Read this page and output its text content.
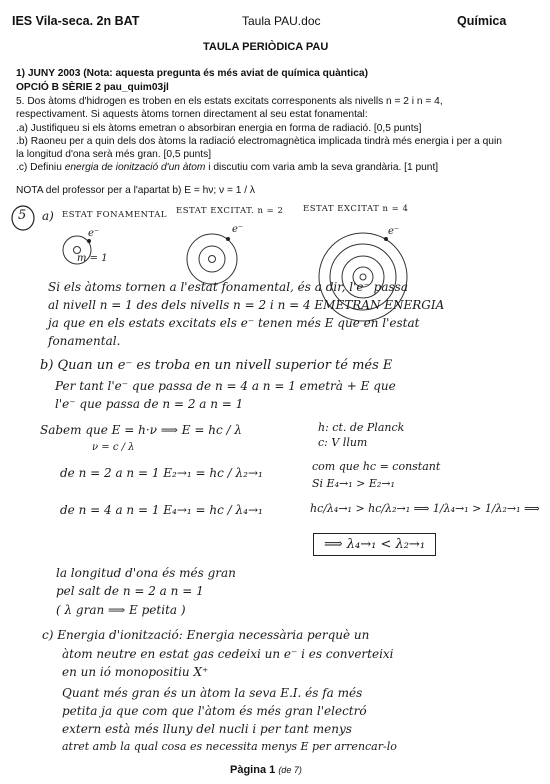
IES Vila-seca. 2n BAT	Taula PAU.doc	Química
TAULA PERIÒDICA PAU
1) JUNY 2003 (Nota: aquesta pregunta és més aviat de química quàntica)
OPCIÓ B SÈRIE 2 pau_quim03jl
5. Dos àtoms d'hidrogen es troben en els estats excitats corresponents als nivells n = 2 i n = 4,
respectivament. Si aquests àtoms tornen directament al seu estat fonamental:
.a) Justifiqueu si els àtoms emetran o absorbiran energia en forma de radiació. [0,5 punts]
.b) Raoneu per a quin dels dos àtoms la radiació electromagnètica implicada tindrà més energia i per a quin
la longitud d'ona serà més gran. [0,5 punts]
.c) Definiu energia de ionització d'un àtom i discutiu com varia amb la seva grandària. [1 punt]
NOTA del professor per a l'apartat b) E = hν; ν = 1 / λ
5 a) ESTAT FONAMENTAL ESTAT EXCITAT. n = 2 ESTAT EXCITAT n = 4
e⁻
m = 1
e⁻	e⁻
Si els àtoms tornen a l'estat fonamental, és a dir, l'e⁻ passa
al nivell n = 1 des dels nivells n = 2 i n = 4 EMETRAN ENERGIA
ja que en els estats excitats els e⁻ tenen més E que en l'estat
fonamental.
b) Quan un e⁻ es troba en un nivell superior té més E
Per tant l'e⁻ que passa de n = 4 a n = 1 emetrà + E que
l'e⁻ que passa de n = 2 a n = 1
Sabem que E = h·ν ⟹ E = hc / λ
ν = c / λ
h: ct. de Planck
c: V llum
de n = 2 a n = 1 E₂→₁ = hc / λ₂→₁	com que hc = constant
Si E₄→₁ > E₂→₁
de n = 4 a n = 1 E₄→₁ = hc / λ₄→₁	hc/λ₄→₁ > hc/λ₂→₁ ⟹ 1/λ₄→₁ > 1/λ₂→₁ ⟹
⟹ λ₄→₁ < λ₂→₁
la longitud d'ona és més gran
pel salt de n = 2 a n = 1
( λ gran ⟹ E petita )
c) Energia d'ionització: Energia necessària perquè un
àtom neutre en estat gas cedeixi un e⁻ i es converteixi
en un ió monopositiu X⁺
Quant més gran és un àtom la seva E.I. és fa més
petita ja que com que l'àtom és més gran l'electró
extern està més lluny del nucli i per tant menys
atret amb la qual cosa es necessita menys E per arrencar-lo
Pàgina 1 (de 7)
